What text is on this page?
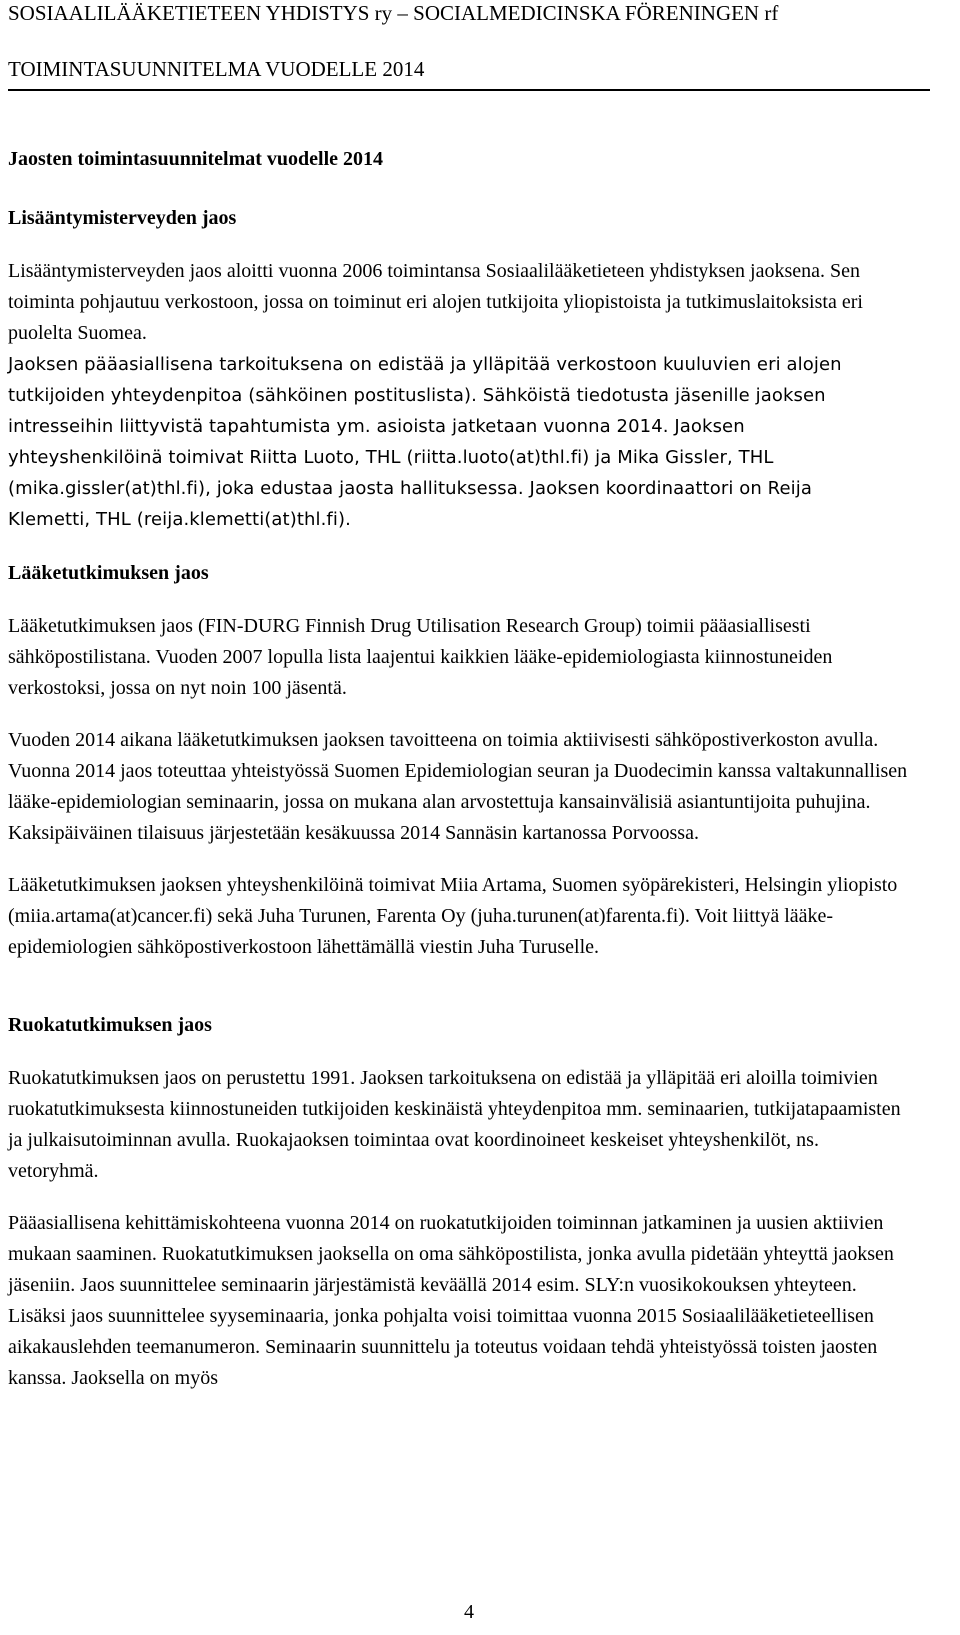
SOSIAALILÄÄKETIETEEN YHDISTYS ry – SOCIALMEDICINSKA FÖRENINGEN rf
TOIMINTASUUNNITELMA VUODELLE 2014

Jaosten toimintasuunnitelmat vuodelle 2014

Lisääntymisterveyden jaos

Lisääntymisterveyden jaos aloitti vuonna 2006 toimintansa Sosiaalilääketieteen yhdistyksen jaoksena. Sen toiminta pohjautuu verkostoon, jossa on toiminut eri alojen tutkijoita yliopistoista ja tutkimuslaitoksista eri puolelta Suomea.

Jaoksen pääasiallisena tarkoituksena on edistää ja ylläpitää verkostoon kuuluvien eri alojen tutkijoiden yhteydenpitoa (sähköinen postituslista). Sähköistä tiedotusta jäsenille jaoksen intresseihin liittyvistä tapahtumista ym. asioista jatketaan vuonna 2014. Jaoksen yhteyshenkilöinä toimivat Riitta Luoto, THL (riitta.luoto(at)thl.fi) ja Mika Gissler, THL (mika.gissler(at)thl.fi), joka edustaa jaosta hallituksessa. Jaoksen koordinaattori on Reija Klemetti, THL (reija.klemetti(at)thl.fi).

Lääketutkimuksen jaos

Lääketutkimuksen jaos (FIN-DURG Finnish Drug Utilisation Research Group) toimii pääasiallisesti sähköpostilistana. Vuoden 2007 lopulla lista laajentui kaikkien lääke-epidemiologiasta kiinnostuneiden verkostoksi, jossa on nyt noin 100 jäsentä.

Vuoden 2014 aikana lääketutkimuksen jaoksen tavoitteena on toimia aktiivisesti sähköpostiverkoston avulla. Vuonna 2014 jaos toteuttaa yhteistyössä Suomen Epidemiologian seuran ja Duodecimin kanssa valtakunnallisen lääke-epidemiologian seminaarin, jossa on mukana alan arvostettuja kansainvälisiä asiantuntijoita puhujina. Kaksipäiväinen tilaisuus järjestetään kesäkuussa 2014 Sannäsin kartanossa Porvoossa.

Lääketutkimuksen jaoksen yhteyshenkilöinä toimivat Miia Artama, Suomen syöpärekisteri, Helsingin yliopisto (miia.artama(at)cancer.fi) sekä Juha Turunen, Farenta Oy (juha.turunen(at)farenta.fi). Voit liittyä lääke-epidemiologien sähköpostiverkostoon lähettämällä viestin Juha Turuselle.

Ruokatutkimuksen jaos

Ruokatutkimuksen jaos on perustettu 1991. Jaoksen tarkoituksena on edistää ja ylläpitää eri aloilla toimivien ruokatutkimuksesta kiinnostuneiden tutkijoiden keskinäistä yhteydenpitoa mm. seminaarien, tutkijatapaamisten ja julkaisutoiminnan avulla. Ruokajaoksen toimintaa ovat koordinoineet keskeiset yhteyshenkilöt, ns. vetoryhmä.

Pääasiallisena kehittämiskohteena vuonna 2014 on ruokatutkijoiden toiminnan jatkaminen ja uusien aktiivien mukaan saaminen. Ruokatutkimuksen jaoksella on oma sähköpostilista, jonka avulla pidetään yhteyttä jaoksen jäseniin. Jaos suunnittelee seminaarin järjestämistä keväällä 2014 esim. SLY:n vuosikokouksen yhteyteen. Lisäksi jaos suunnittelee syyseminaaria, jonka pohjalta voisi toimittaa vuonna 2015 Sosiaalilääketieteellisen aikakauslehden teemanumeron. Seminaarin suunnittelu ja toteutus voidaan tehdä yhteistyössä toisten jaosten kanssa. Jaoksella on myös

4
